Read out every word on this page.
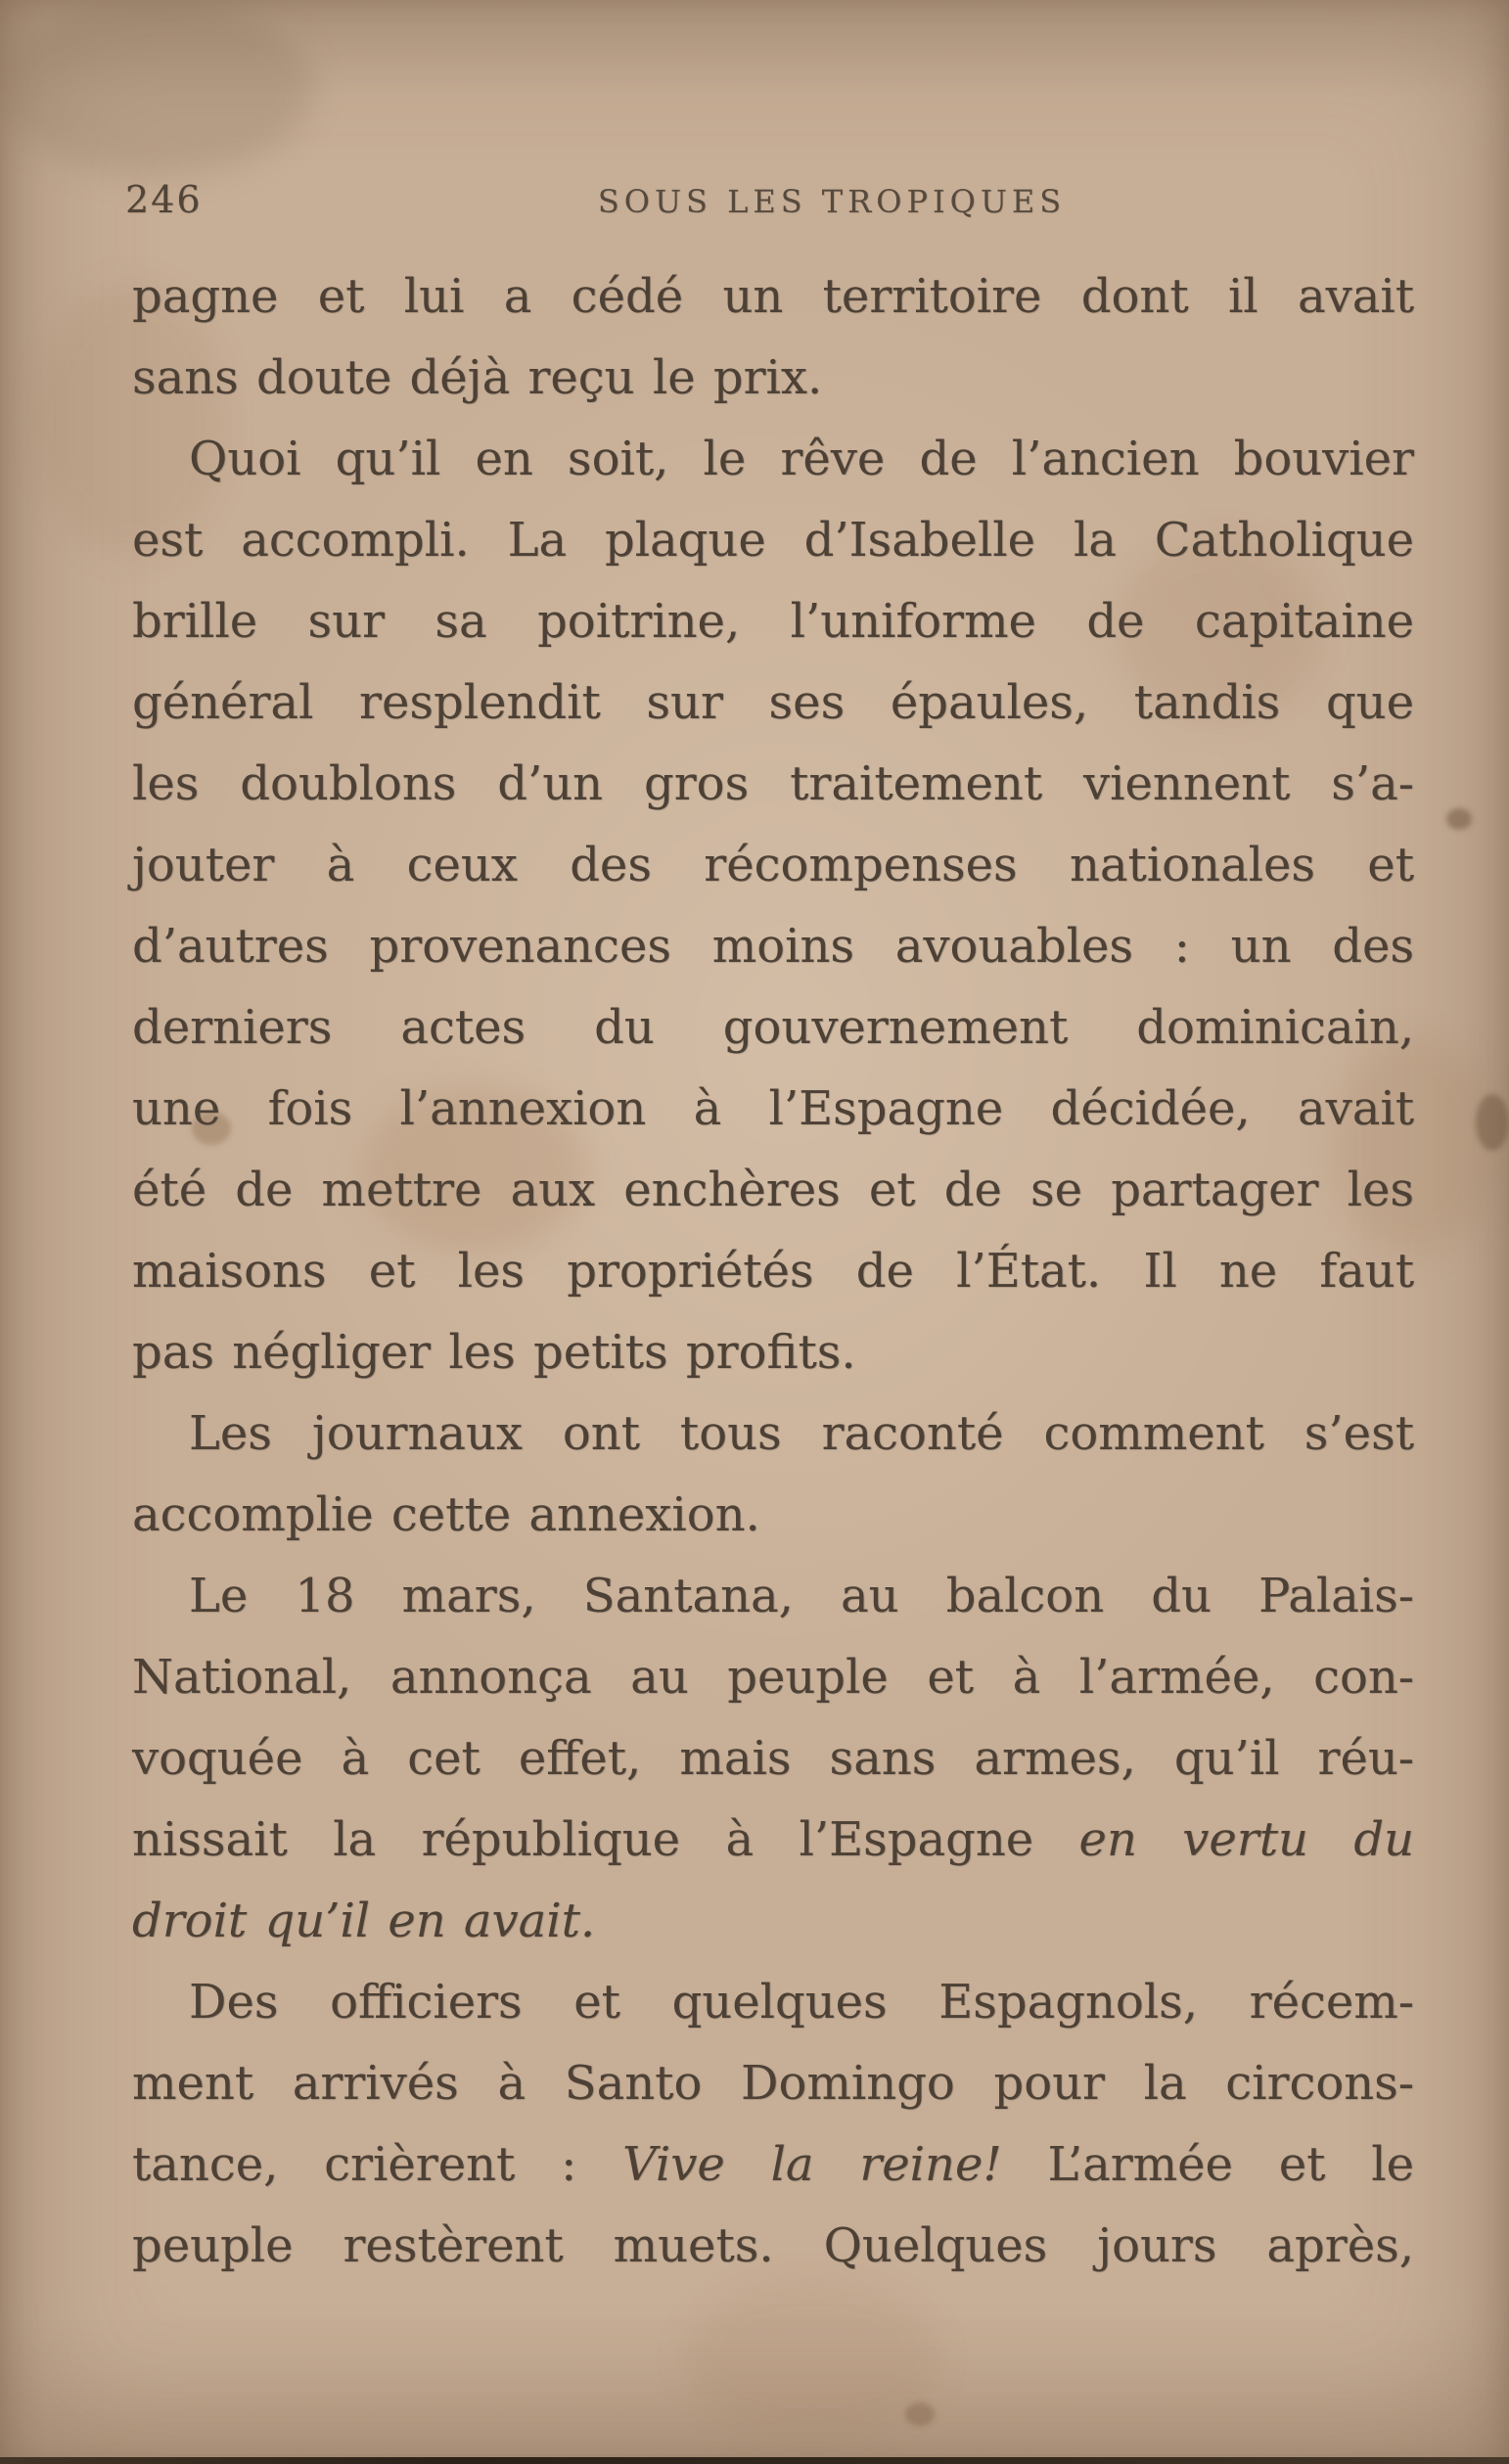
246	SOUS LES TROPIQUES
pagne et lui a cédé un territoire dont il avait
sans doute déjà reçu le prix.
Quoi qu’il en soit, le rêve de l’ancien bouvier
est accompli. La plaque d’Isabelle la Catholique
brille sur sa poitrine, l’uniforme de capitaine
général resplendit sur ses épaules, tandis que
les doublons d’un gros traitement viennent s’a-
jouter à ceux des récompenses nationales et
d’autres provenances moins avouables : un des
derniers actes du gouvernement dominicain,
une fois l’annexion à l’Espagne décidée, avait
été de mettre aux enchères et de se partager les
maisons et les propriétés de l’État. Il ne faut
pas négliger les petits profits.
Les journaux ont tous raconté comment s’est
accomplie cette annexion.
Le 18 mars, Santana, au balcon du Palais-
National, annonça au peuple et à l’armée, con-
voquée à cet effet, mais sans armes, qu’il réu-
nissait la république à l’Espagne en vertu du
droit qu’il en avait.
Des officiers et quelques Espagnols, récem-
ment arrivés à Santo Domingo pour la circons-
tance, crièrent : Vive la reine! L’armée et le
peuple restèrent muets. Quelques jours après,
